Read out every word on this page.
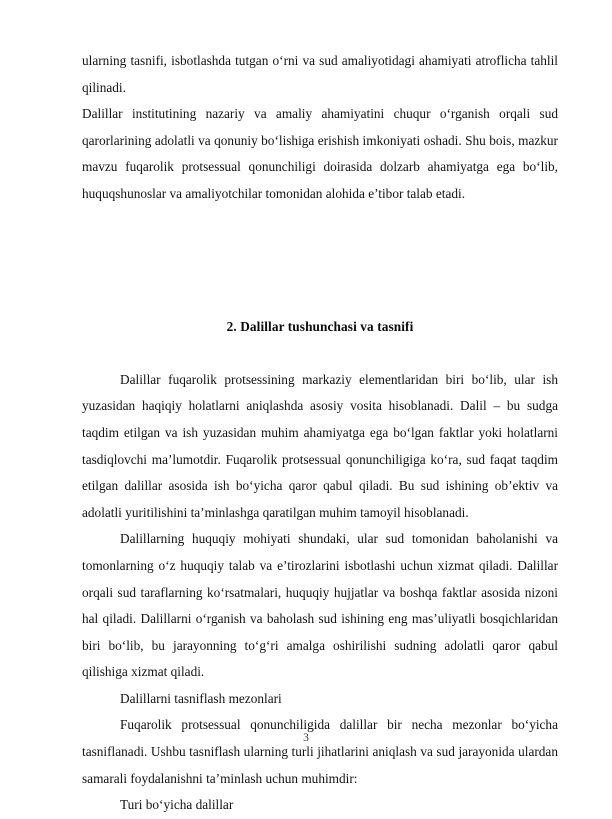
ularning tasnifi, isbotlashda tutgan o‘rni va sud amaliyotidagi ahamiyati atroflicha tahlil qilinadi.

Dalillar institutining nazariy va amaliy ahamiyatini chuqur o‘rganish orqali sud qarorlarining adolatli va qonuniy bo‘lishiga erishish imkoniyati oshadi. Shu bois, mazkur mavzu fuqarolik protsessual qonunchiligi doirasida dolzarb ahamiyatga ega bo‘lib, huquqshunoslar va amaliyotchilar tomonidan alohida e’tibor talab etadi.

2. Dalillar tushunchasi va tasnifi

Dalillar fuqarolik protsessining markaziy elementlaridan biri bo‘lib, ular ish yuzasidan haqiqiy holatlarni aniqlashda asosiy vosita hisoblanadi. Dalil – bu sudga taqdim etilgan va ish yuzasidan muhim ahamiyatga ega bo‘lgan faktlar yoki holatlarni tasdiqlovchi ma’lumotdir. Fuqarolik protsessual qonunchiligiga ko‘ra, sud faqat taqdim etilgan dalillar asosida ish bo‘yicha qaror qabul qiladi. Bu sud ishining ob’ektiv va adolatli yuritilishini ta’minlashga qaratilgan muhim tamoyil hisoblanadi.

Dalillarning huquqiy mohiyati shundaki, ular sud tomonidan baholanishi va tomonlarning o‘z huquqiy talab va e’tirozlarini isbotlashi uchun xizmat qiladi. Dalillar orqali sud taraflarning ko‘rsatmalari, huquqiy hujjatlar va boshqa faktlar asosida nizoni hal qiladi. Dalillarni o‘rganish va baholash sud ishining eng mas’uliyatli bosqichlaridan biri bo‘lib, bu jarayonning to‘g‘ri amalga oshirilishi sudning adolatli qaror qabul qilishiga xizmat qiladi.

Dalillarni tasniflash mezonlari

Fuqarolik protsessual qonunchiligida dalillar bir necha mezonlar bo‘yicha tasniflanadi. Ushbu tasniflash ularning turli jihatlarini aniqlash va sud jarayonida ulardan samarali foydalanishni ta’minlash uchun muhimdir:

Turi bo‘yicha dalillar

3
